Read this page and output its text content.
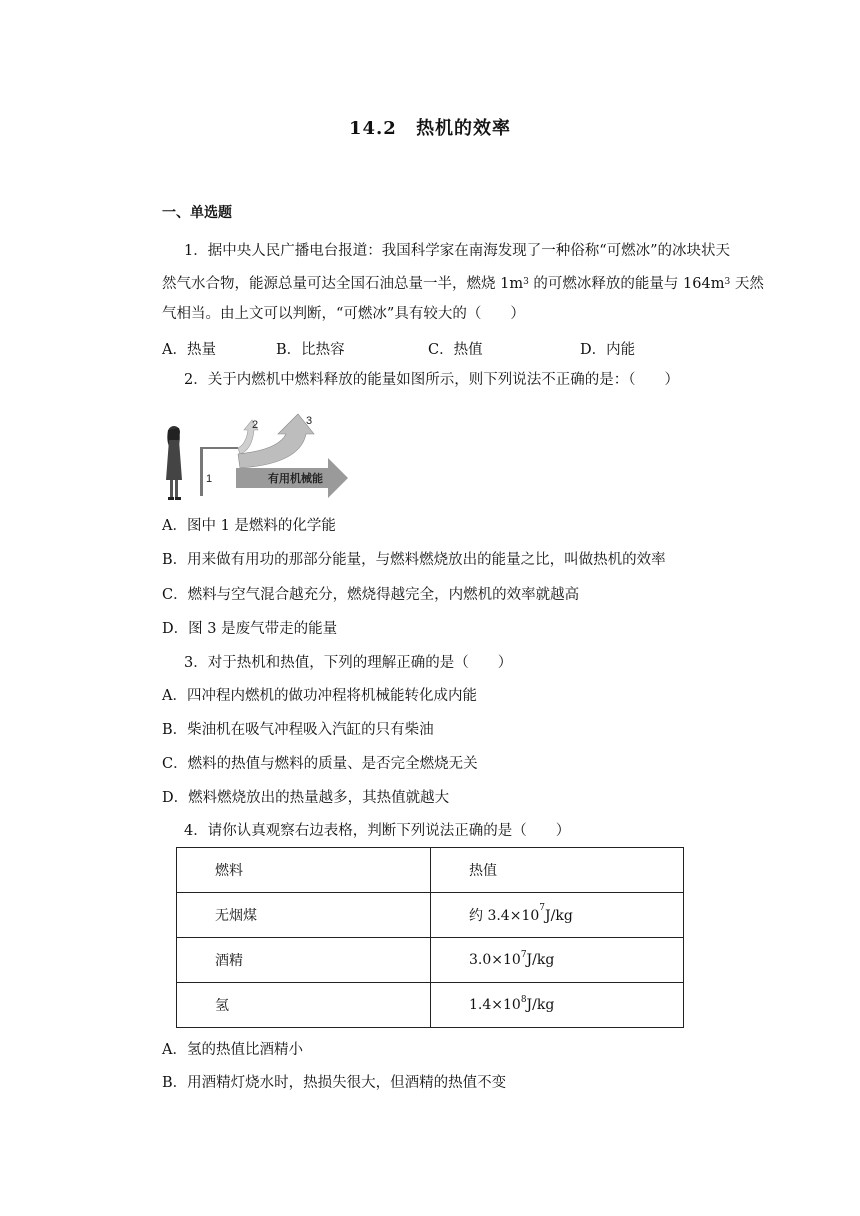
14.2 热机的效率
一、单选题
1．据中央人民广播电台报道：我国科学家在南海发现了一种俗称“可燃冰”的冰块状天
然气水合物，能源总量可达全国石油总量一半，燃烧 $1m^3$ 的可燃冰释放的能量与 $164m^3$ 天然
气相当。由上文可以判断，“可燃冰”具有较大的（　　）
A．热量	B．比热容	C．热值	D．内能
2．关于内燃机中燃料释放的能量如图所示，则下列说法不正确的是：（　　）
1
2	3
有用机械能
A．图中 1 是燃料的化学能
B．用来做有用功的那部分能量，与燃料燃烧放出的能量之比，叫做热机的效率
C．燃料与空气混合越充分，燃烧得越完全，内燃机的效率就越高
D．图 3 是废气带走的能量
3．对于热机和热值，下列的理解正确的是（　　）
A．四冲程内燃机的做功冲程将机械能转化成内能
B．柴油机在吸气冲程吸入汽缸的只有柴油
C．燃料的热值与燃料的质量、是否完全燃烧无关
D．燃料燃烧放出的热量越多，其热值就越大
4．请你认真观察右边表格，判断下列说法正确的是（　　）
燃料	热值
无烟煤	约 $3.4\times 10^7J/kg$
酒精	$3.0\times 10^7J/kg$
氢	$1.4\times 10^8J/kg$
A．氢的热值比酒精小
B．用酒精灯烧水时，热损失很大，但酒精的热值不变
